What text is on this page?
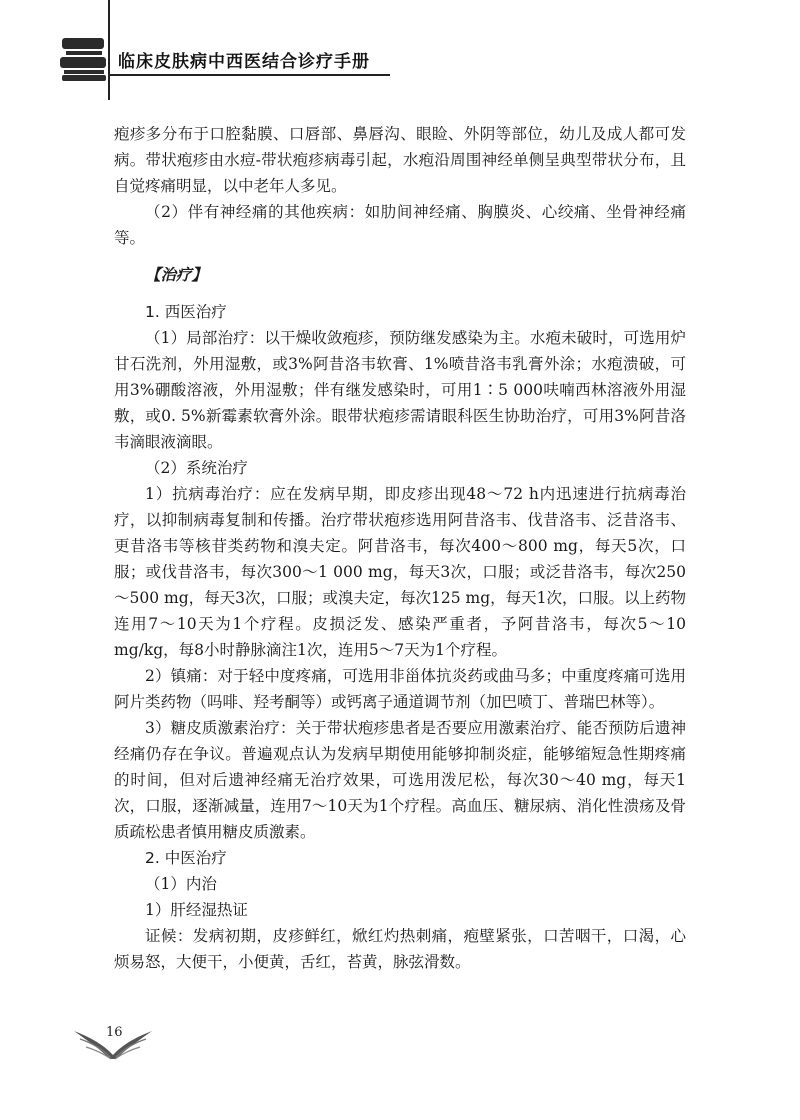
临床皮肤病中西医结合诊疗手册

疱疹多分布于口腔黏膜、口唇部、鼻唇沟、眼睑、外阴等部位，幼儿及成人都可发病。带状疱疹由水痘-带状疱疹病毒引起，水疱沿周围神经单侧呈典型带状分布，且自觉疼痛明显，以中老年人多见。

（2）伴有神经痛的其他疾病：如肋间神经痛、胸膜炎、心绞痛、坐骨神经痛等。

【治疗】

1. 西医治疗

（1）局部治疗：以干燥收敛疱疹，预防继发感染为主。水疱未破时，可选用炉甘石洗剂，外用湿敷，或3%阿昔洛韦软膏、1%喷昔洛韦乳膏外涂；水疱溃破，可用3%硼酸溶液，外用湿敷；伴有继发感染时，可用1∶5 000呋喃西林溶液外用湿敷，或0. 5%新霉素软膏外涂。眼带状疱疹需请眼科医生协助治疗，可用3%阿昔洛韦滴眼液滴眼。

（2）系统治疗

1）抗病毒治疗：应在发病早期，即皮疹出现48～72 h内迅速进行抗病毒治疗，以抑制病毒复制和传播。治疗带状疱疹选用阿昔洛韦、伐昔洛韦、泛昔洛韦、更昔洛韦等核苷类药物和溴夫定。阿昔洛韦，每次400～800 mg，每天5次，口服；或伐昔洛韦，每次300～1 000 mg，每天3次，口服；或泛昔洛韦，每次250～500 mg，每天3次，口服；或溴夫定，每次125 mg，每天1次，口服。以上药物连用7～10天为1个疗程。皮损泛发、感染严重者，予阿昔洛韦，每次5～10 mg/kg，每8小时静脉滴注1次，连用5～7天为1个疗程。

2）镇痛：对于轻中度疼痛，可选用非甾体抗炎药或曲马多；中重度疼痛可选用阿片类药物（吗啡、羟考酮等）或钙离子通道调节剂（加巴喷丁、普瑞巴林等）。

3）糖皮质激素治疗：关于带状疱疹患者是否要应用激素治疗、能否预防后遗神经痛仍存在争议。普遍观点认为发病早期使用能够抑制炎症，能够缩短急性期疼痛的时间，但对后遗神经痛无治疗效果，可选用泼尼松，每次30～40 mg，每天1次，口服，逐渐减量，连用7～10天为1个疗程。高血压、糖尿病、消化性溃疡及骨质疏松患者慎用糖皮质激素。

2. 中医治疗

（1）内治

1）肝经湿热证

证候：发病初期，皮疹鲜红，焮红灼热刺痛，疱壁紧张，口苦咽干，口渴，心烦易怒，大便干，小便黄，舌红，苔黄，脉弦滑数。

16
